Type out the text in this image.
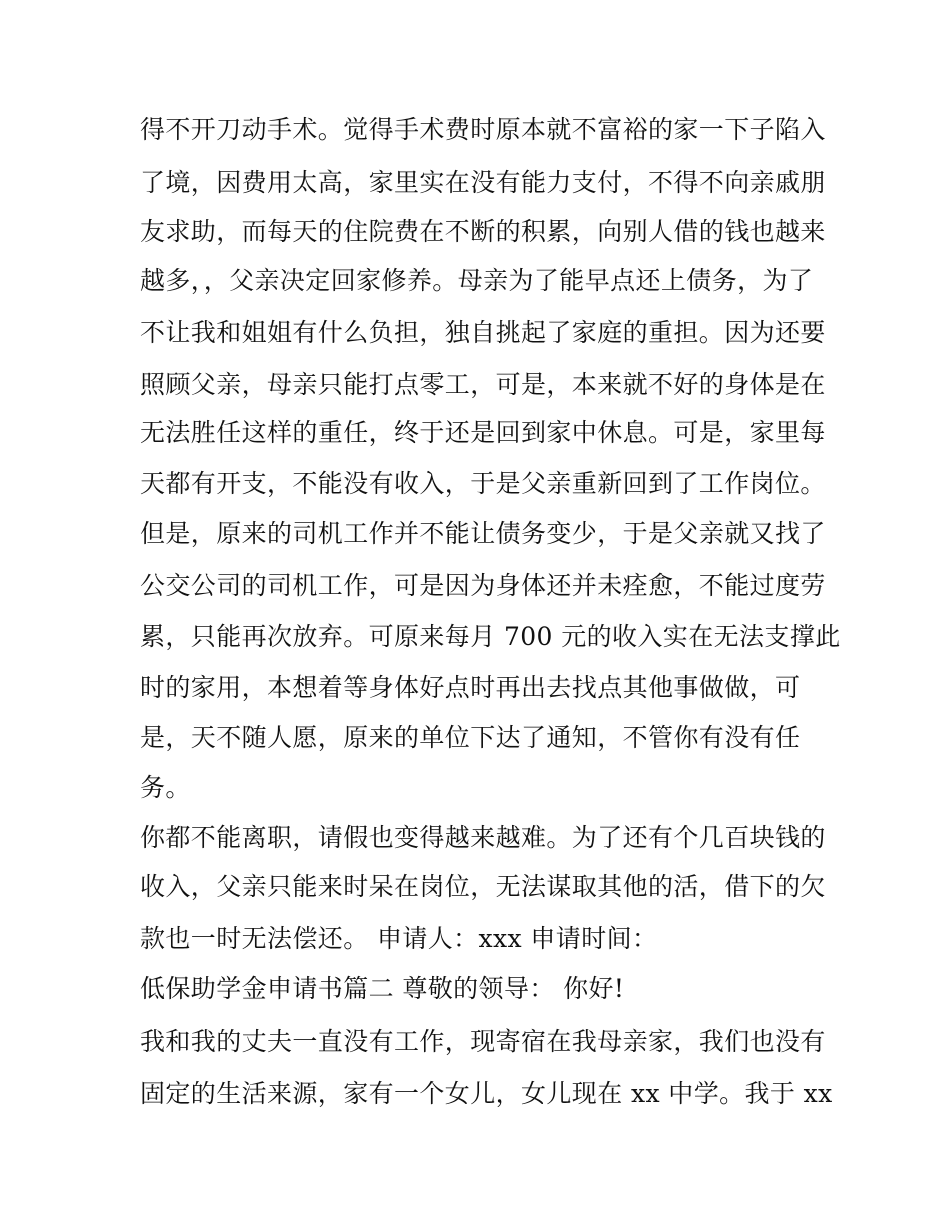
得不开刀动手术。觉得手术费时原本就不富裕的家一下子陷入
了境，因费用太高，家里实在没有能力支付，不得不向亲戚朋
友求助，而每天的住院费在不断的积累，向别人借的钱也越来
越多，，父亲决定回家修养。母亲为了能早点还上债务，为了
不让我和姐姐有什么负担，独自挑起了家庭的重担。因为还要
照顾父亲，母亲只能打点零工，可是，本来就不好的身体是在
无法胜任这样的重任，终于还是回到家中休息。可是，家里每
天都有开支，不能没有收入，于是父亲重新回到了工作岗位。
但是，原来的司机工作并不能让债务变少，于是父亲就又找了
公交公司的司机工作，可是因为身体还并未痊愈，不能过度劳
累，只能再次放弃。可原来每月 700 元的收入实在无法支撑此
时的家用，本想着等身体好点时再出去找点其他事做做，可
是，天不随人愿，原来的单位下达了通知，不管你有没有任
务。
你都不能离职，请假也变得越来越难。为了还有个几百块钱的
收入，父亲只能来时呆在岗位，无法谋取其他的活，借下的欠
款也一时无法偿还。 申请人：xxx 申请时间：
低保助学金申请书篇二 尊敬的领导： 你好!
我和我的丈夫一直没有工作，现寄宿在我母亲家，我们也没有
固定的生活来源，家有一个女儿，女儿现在 xx 中学。我于 xx
